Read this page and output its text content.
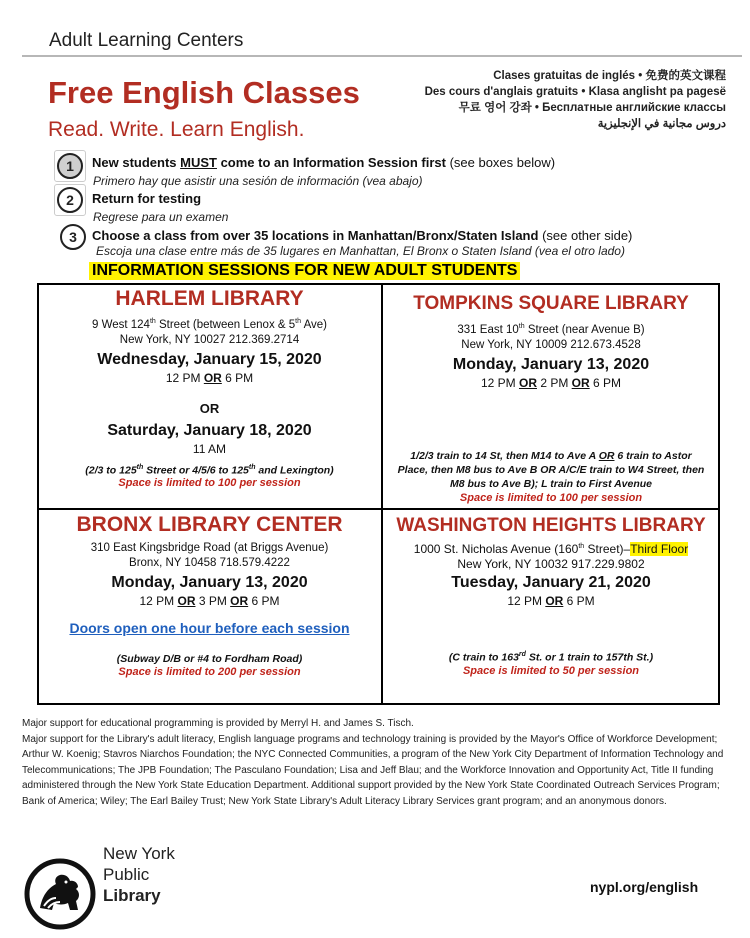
Adult Learning Centers
Free English Classes
Read. Write. Learn English.
Clases gratuitas de inglés • 免费的英文课程
Des cours d'anglais gratuits • Klasa anglisht pa pagesë
무료 영어 강좌 • Бесплатные английские классы
دروس مجانية في الإنجليزية
1	New students MUST come to an Information Session first (see boxes below)
Primero hay que asistir una sesión de información (vea abajo)
2	Return for testing
Regrese para un examen
3	Choose a class from over 35 locations in Manhattan/Bronx/Staten Island (see other side)
Escoja una clase entre más de 35 lugares en Manhattan, El Bronx o Staten Island (vea el otro lado)
INFORMATION SESSIONS FOR NEW ADULT STUDENTS
HARLEM LIBRARY
9 West 124th Street (between Lenox & 5th Ave)
New York, NY 10027 212.369.2714
Wednesday, January 15, 2020
12 PM OR 6 PM
OR
Saturday, January 18, 2020
11 AM
(2/3 to 125th Street or 4/5/6 to 125th and Lexington)
Space is limited to 100 per session
TOMPKINS SQUARE LIBRARY
331 East 10th Street (near Avenue B)
New York, NY 10009 212.673.4528
Monday, January 13, 2020
12 PM OR 2 PM OR 6 PM
1/2/3 train to 14 St, then M14 to Ave A OR 6 train to Astor
Place, then M8 bus to Ave B OR A/C/E train to W4 Street, then
M8 bus to Ave B); L train to First Avenue
Space is limited to 100 per session
BRONX LIBRARY CENTER
310 East Kingsbridge Road (at Briggs Avenue)
Bronx, NY 10458 718.579.4222
Monday, January 13, 2020
12 PM OR 3 PM OR 6 PM
Doors open one hour before each session
(Subway D/B or #4 to Fordham Road)
Space is limited to 200 per session
WASHINGTON HEIGHTS LIBRARY
1000 St. Nicholas Avenue (160th Street)–Third Floor
New York, NY 10032 917.229.9802
Tuesday, January 21, 2020
12 PM OR 6 PM
(C train to 163rd St. or 1 train to 157th St.)
Space is limited to 50 per session
Major support for educational programming is provided by Merryl H. and James S. Tisch.
Major support for the Library's adult literacy, English language programs and technology training is provided by the Mayor's Office of Workforce Development; Arthur W. Koenig; Stavros Niarchos Foundation; the NYC Connected Communities, a program of the New York City Department of Information Technology and Telecommunications; The JPB Foundation; The Pasculano Foundation; Lisa and Jeff Blau; and the Workforce Innovation and Opportunity Act, Title II funding administered through the New York State Education Department. Additional support provided by the New York State Coordinated Outreach Services Program; Bank of America; Wiley; The Earl Bailey Trust; New York State Library's Adult Literacy Library Services grant program; and an anonymous donors.
New York
Public
Library	nypl.org/english
